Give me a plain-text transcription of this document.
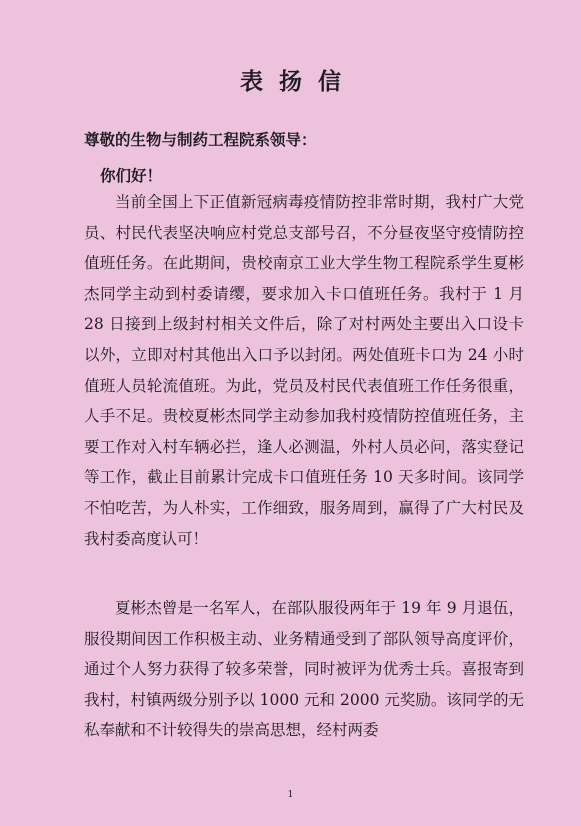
表扬信
尊敬的生物与制药工程院系领导：
你们好！

当前全国上下正值新冠病毒疫情防控非常时期，我村广大党员、村民代表坚决响应村党总支部号召，不分昼夜坚守疫情防控值班任务。在此期间，贵校南京工业大学生物工程院系学生夏彬杰同学主动到村委请缨，要求加入卡口值班任务。我村于 1 月 28 日接到上级封村相关文件后，除了对村两处主要出入口设卡以外，立即对村其他出入口予以封闭。两处值班卡口为 24 小时值班人员轮流值班。为此，党员及村民代表值班工作任务很重，人手不足。贵校夏彬杰同学主动参加我村疫情防控值班任务，主要工作对入村车辆必拦，逢人必测温，外村人员必问，落实登记等工作，截止目前累计完成卡口值班任务 10 天多时间。该同学不怕吃苦，为人朴实，工作细致，服务周到，赢得了广大村民及我村委高度认可！

夏彬杰曾是一名军人，在部队服役两年于 19 年 9 月退伍，服役期间因工作积极主动、业务精通受到了部队领导高度评价，通过个人努力获得了较多荣誉，同时被评为优秀士兵。喜报寄到我村，村镇两级分别予以 1000 元和 2000 元奖励。该同学的无私奉献和不计较得失的崇高思想，经村两委

1
